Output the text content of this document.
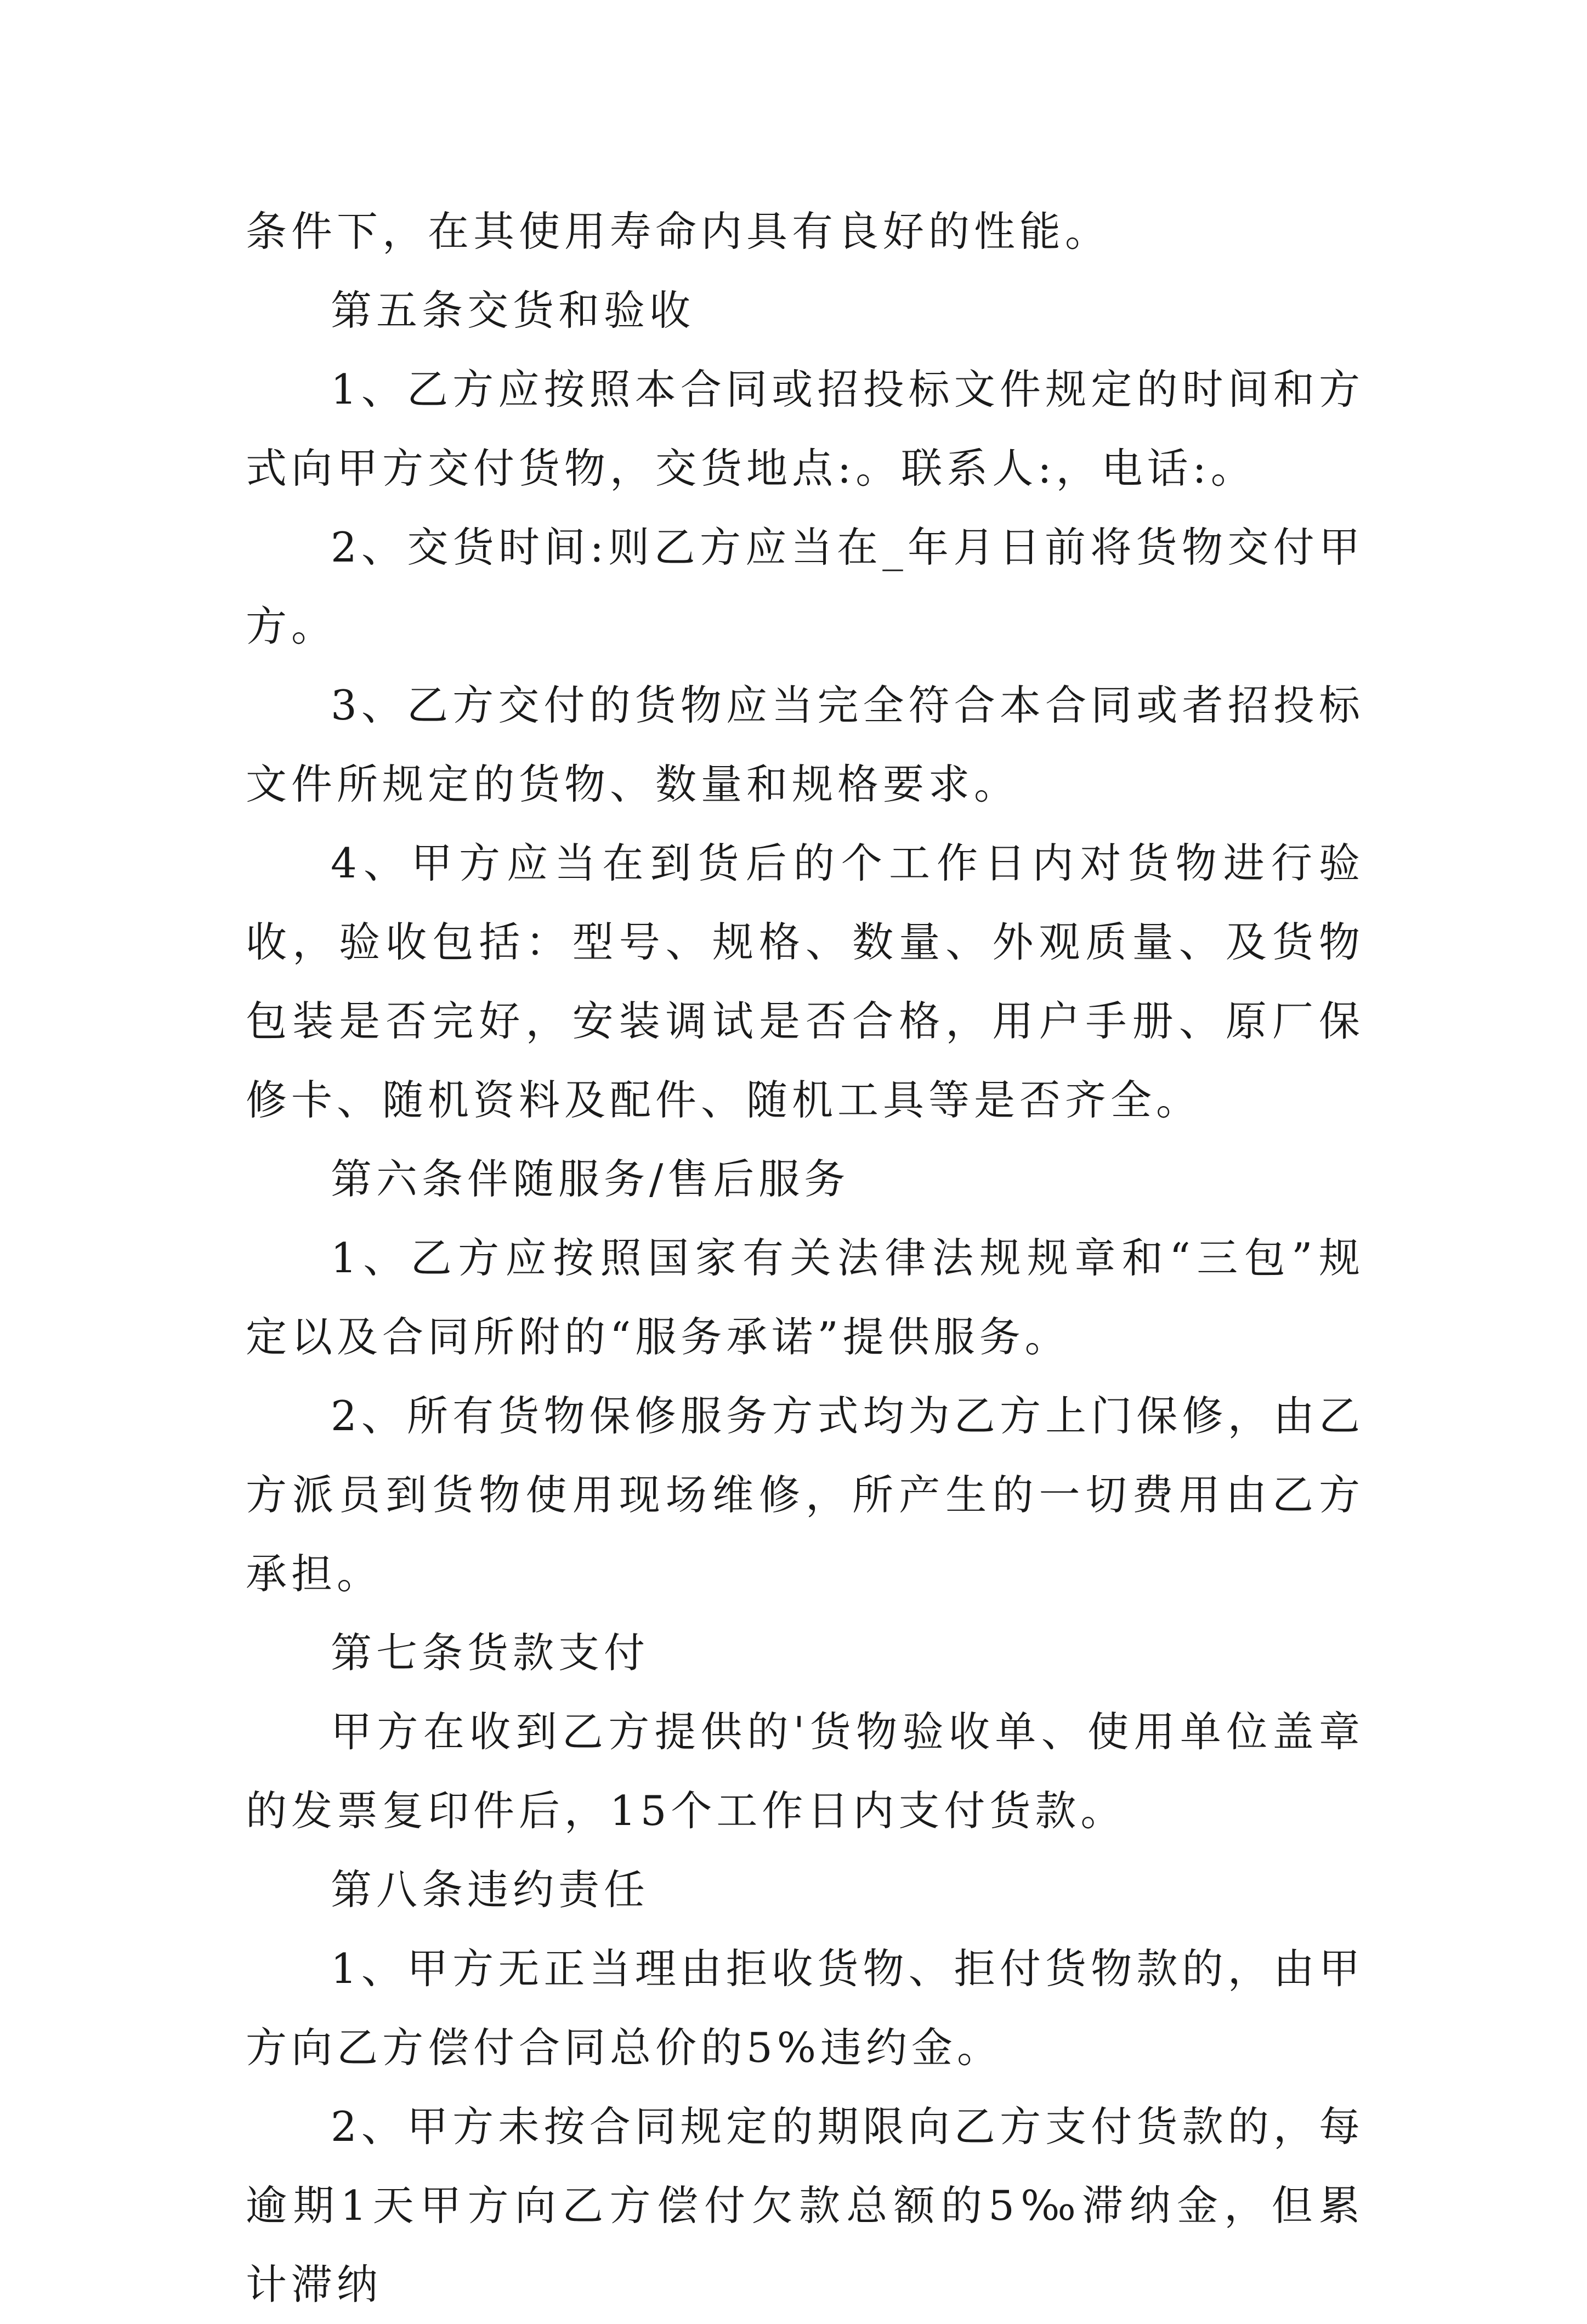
条件下，在其使用寿命内具有良好的性能。

第五条交货和验收

1、乙方应按照本合同或招投标文件规定的时间和方式向甲方交付货物，交货地点:。联系人:，电话:。

2、交货时间:则乙方应当在_年月日前将货物交付甲方。

3、乙方交付的货物应当完全符合本合同或者招投标文件所规定的货物、数量和规格要求。

4、甲方应当在到货后的个工作日内对货物进行验收，验收包括：型号、规格、数量、外观质量、及货物包装是否完好，安装调试是否合格，用户手册、原厂保修卡、随机资料及配件、随机工具等是否齐全。

第六条伴随服务/售后服务

1、乙方应按照国家有关法律法规规章和“三包”规定以及合同所附的“服务承诺”提供服务。

2、所有货物保修服务方式均为乙方上门保修，由乙方派员到货物使用现场维修，所产生的一切费用由乙方承担。

第七条货款支付

甲方在收到乙方提供的'货物验收单、使用单位盖章的发票复印件后，15个工作日内支付货款。

第八条违约责任

1、甲方无正当理由拒收货物、拒付货物款的，由甲方向乙方偿付合同总价的5%违约金。

2、甲方未按合同规定的期限向乙方支付货款的，每逾期1天甲方向乙方偿付欠款总额的5‰滞纳金，但累计滞纳
